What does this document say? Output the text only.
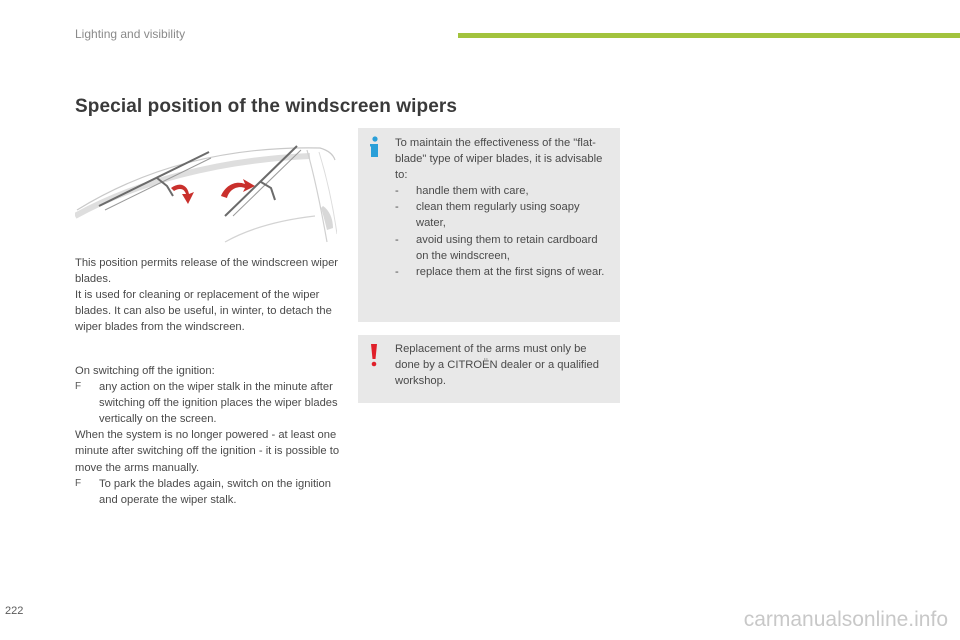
Lighting and visibility
Special position of the windscreen wipers

This position permits release of the windscreen wiper blades.

It is used for cleaning or replacement of the wiper blades. It can also be useful, in winter, to detach the wiper blades from the windscreen.

On switching off the ignition:

F	any action on the wiper stalk in the minute after switching off the ignition places the wiper blades vertically on the screen.

When the system is no longer powered - at least one minute after switching off the ignition - it is possible to move the arms manually.

F	To park the blades again, switch on the ignition and operate the wiper stalk.

To maintain the effectiveness of the "flat-blade" type of wiper blades, it is advisable to:

-	handle them with care,
-	clean them regularly using soapy water,
-	avoid using them to retain cardboard on the windscreen,
-	replace them at the first signs of wear.
Replacement of the arms must only be done by a CITROËN dealer or a qualified workshop.
222	carmanualsonline.info
